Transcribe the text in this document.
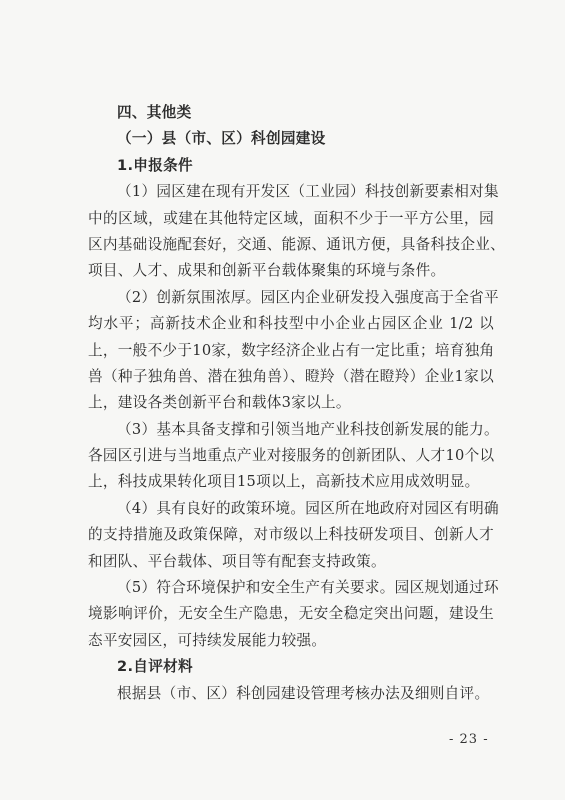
四、其他类
（一）县（市、区）科创园建设
1.申报条件
（1）园区建在现有开发区（工业园）科技创新要素相对集
中的区域，或建在其他特定区域，面积不少于一平方公里，园
区内基础设施配套好，交通、能源、通讯方便，具备科技企业、
项目、人才、成果和创新平台载体聚集的环境与条件。
（2）创新氛围浓厚。园区内企业研发投入强度高于全省平
均水平；高新技术企业和科技型中小企业占园区企业 1/2 以
上，一般不少于10家，数字经济企业占有一定比重；培育独角
兽（种子独角兽、潜在独角兽）、瞪羚（潜在瞪羚）企业1家以
上，建设各类创新平台和载体3家以上。
（3）基本具备支撑和引领当地产业科技创新发展的能力。
各园区引进与当地重点产业对接服务的创新团队、人才10个以
上，科技成果转化项目15项以上，高新技术应用成效明显。
（4）具有良好的政策环境。园区所在地政府对园区有明确
的支持措施及政策保障，对市级以上科技研发项目、创新人才
和团队、平台载体、项目等有配套支持政策。
（5）符合环境保护和安全生产有关要求。园区规划通过环
境影响评价，无安全生产隐患，无安全稳定突出问题，建设生
态平安园区，可持续发展能力较强。
2.自评材料
根据县（市、区）科创园建设管理考核办法及细则自评。
- 23 -
